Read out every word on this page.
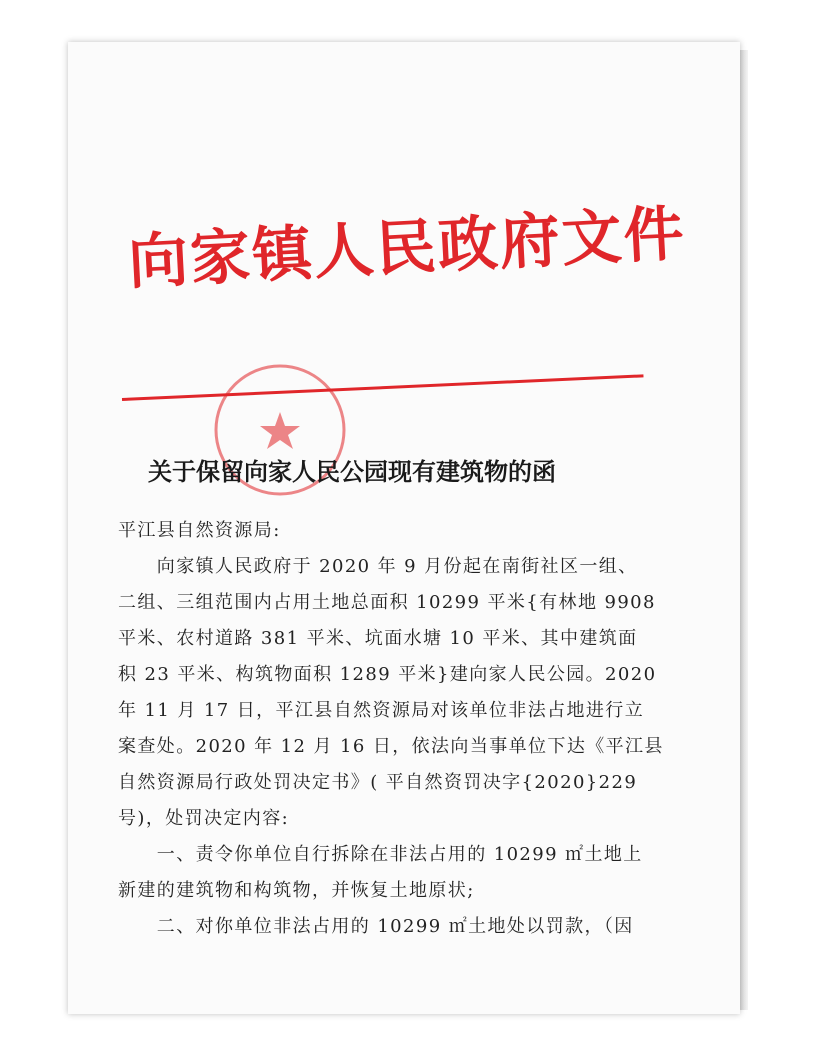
向家镇人民政府文件
关于保留向家人民公园现有建筑物的函
平江县自然资源局:
　　向家镇人民政府于 2020 年 9 月份起在南街社区一组、
二组、三组范围内占用土地总面积 10299 平米{有林地 9908
平米、农村道路 381 平米、坑面水塘 10 平米、其中建筑面
积 23 平米、构筑物面积 1289 平米}建向家人民公园。2020
年 11 月 17 日，平江县自然资源局对该单位非法占地进行立
案查处。2020 年 12 月 16 日，依法向当事单位下达《平江县
自然资源局行政处罚决定书》( 平自然资罚决字{2020}229
号)，处罚决定内容:
　　一、责令你单位自行拆除在非法占用的 10299 ㎡土地上
新建的建筑物和构筑物，并恢复土地原状;
　　二、对你单位非法占用的 10299 ㎡土地处以罚款，（因
